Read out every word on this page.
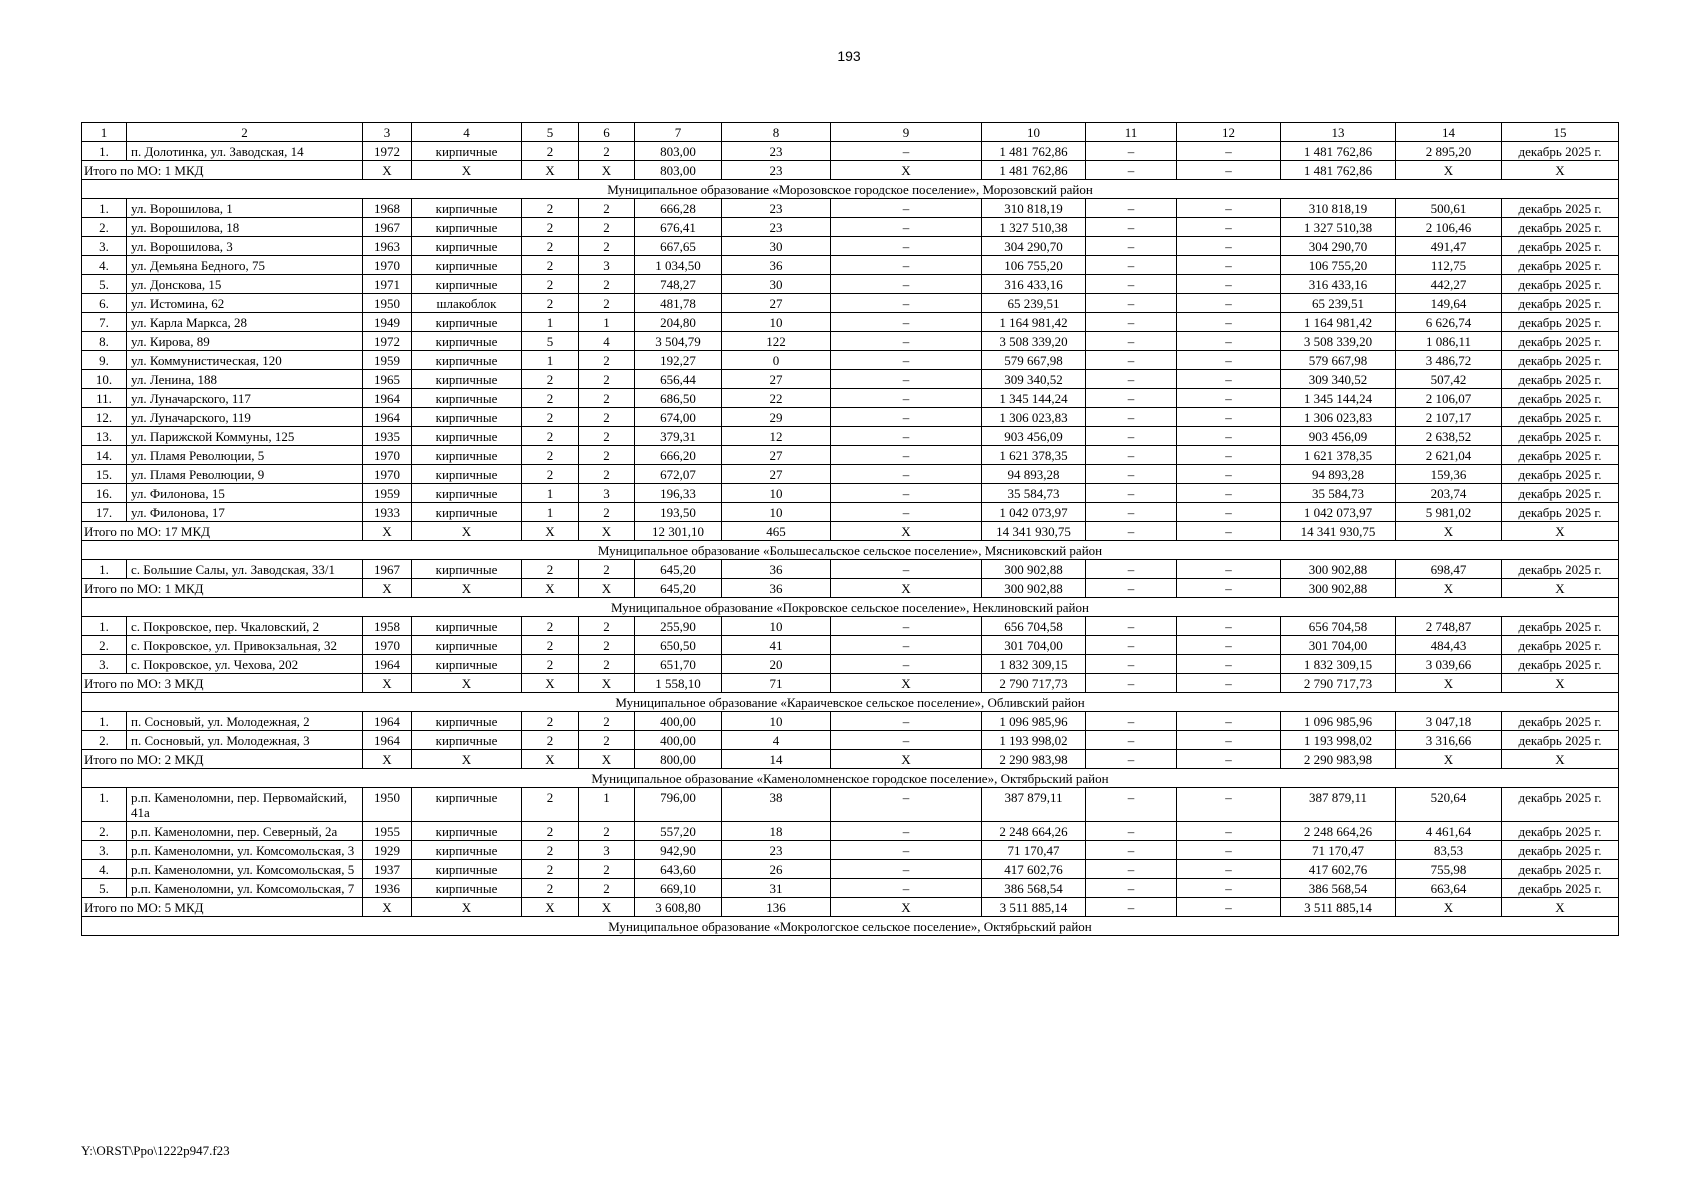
193
1	2	3	4	5	6	7	8	9	10	11	12	13	14	15
1.	п. Долотинка, ул. Заводская, 14	1972	кирпичные	2	2	803,00	23	–	1 481 762,86	–	–	1 481 762,86	2 895,20	декабрь 2025 г.
Итого по МО: 1 МКД		X	X	X	X	803,00	23	X	1 481 762,86	–	–	1 481 762,86	X	X
Муниципальное образование «Морозовское городское поселение», Морозовский район														
1.	ул. Ворошилова, 1	1968	кирпичные	2	2	666,28	23	–	310 818,19	–	–	310 818,19	500,61	декабрь 2025 г.
2.	ул. Ворошилова, 18	1967	кирпичные	2	2	676,41	23	–	1 327 510,38	–	–	1 327 510,38	2 106,46	декабрь 2025 г.
3.	ул. Ворошилова, 3	1963	кирпичные	2	2	667,65	30	–	304 290,70	–	–	304 290,70	491,47	декабрь 2025 г.
4.	ул. Демьяна Бедного, 75	1970	кирпичные	2	3	1 034,50	36	–	106 755,20	–	–	106 755,20	112,75	декабрь 2025 г.
5.	ул. Донскова, 15	1971	кирпичные	2	2	748,27	30	–	316 433,16	–	–	316 433,16	442,27	декабрь 2025 г.
6.	ул. Истомина, 62	1950	шлакоблок	2	2	481,78	27	–	65 239,51	–	–	65 239,51	149,64	декабрь 2025 г.
7.	ул. Карла Маркса, 28	1949	кирпичные	1	1	204,80	10	–	1 164 981,42	–	–	1 164 981,42	6 626,74	декабрь 2025 г.
8.	ул. Кирова, 89	1972	кирпичные	5	4	3 504,79	122	–	3 508 339,20	–	–	3 508 339,20	1 086,11	декабрь 2025 г.
9.	ул. Коммунистическая, 120	1959	кирпичные	1	2	192,27	0	–	579 667,98	–	–	579 667,98	3 486,72	декабрь 2025 г.
10.	ул. Ленина, 188	1965	кирпичные	2	2	656,44	27	–	309 340,52	–	–	309 340,52	507,42	декабрь 2025 г.
11.	ул. Луначарского, 117	1964	кирпичные	2	2	686,50	22	–	1 345 144,24	–	–	1 345 144,24	2 106,07	декабрь 2025 г.
12.	ул. Луначарского, 119	1964	кирпичные	2	2	674,00	29	–	1 306 023,83	–	–	1 306 023,83	2 107,17	декабрь 2025 г.
13.	ул. Парижской Коммуны, 125	1935	кирпичные	2	2	379,31	12	–	903 456,09	–	–	903 456,09	2 638,52	декабрь 2025 г.
14.	ул. Пламя Революции, 5	1970	кирпичные	2	2	666,20	27	–	1 621 378,35	–	–	1 621 378,35	2 621,04	декабрь 2025 г.
15.	ул. Пламя Революции, 9	1970	кирпичные	2	2	672,07	27	–	94 893,28	–	–	94 893,28	159,36	декабрь 2025 г.
16.	ул. Филонова, 15	1959	кирпичные	1	3	196,33	10	–	35 584,73	–	–	35 584,73	203,74	декабрь 2025 г.
17.	ул. Филонова, 17	1933	кирпичные	1	2	193,50	10	–	1 042 073,97	–	–	1 042 073,97	5 981,02	декабрь 2025 г.
Итого по МО: 17 МКД		X	X	X	X	12 301,10	465	X	14 341 930,75	–	–	14 341 930,75	X	X
Муниципальное образование «Большесальское сельское поселение», Мясниковский район														
1.	с. Большие Салы, ул. Заводская, 33/1	1967	кирпичные	2	2	645,20	36	–	300 902,88	–	–	300 902,88	698,47	декабрь 2025 г.
Итого по МО: 1 МКД		X	X	X	X	645,20	36	X	300 902,88	–	–	300 902,88	X	X
Муниципальное образование «Покровское сельское поселение», Неклиновский район														
1.	с. Покровское, пер. Чкаловский, 2	1958	кирпичные	2	2	255,90	10	–	656 704,58	–	–	656 704,58	2 748,87	декабрь 2025 г.
2.	с. Покровское, ул. Привокзальная, 32	1970	кирпичные	2	2	650,50	41	–	301 704,00	–	–	301 704,00	484,43	декабрь 2025 г.
3.	с. Покровское, ул. Чехова, 202	1964	кирпичные	2	2	651,70	20	–	1 832 309,15	–	–	1 832 309,15	3 039,66	декабрь 2025 г.
Итого по МО: 3 МКД		X	X	X	X	1 558,10	71	X	2 790 717,73	–	–	2 790 717,73	X	X
Муниципальное образование «Караичевское сельское поселение», Обливский район														
1.	п. Сосновый, ул. Молодежная, 2	1964	кирпичные	2	2	400,00	10	–	1 096 985,96	–	–	1 096 985,96	3 047,18	декабрь 2025 г.
2.	п. Сосновый, ул. Молодежная, 3	1964	кирпичные	2	2	400,00	4	–	1 193 998,02	–	–	1 193 998,02	3 316,66	декабрь 2025 г.
Итого по МО: 2 МКД		X	X	X	X	800,00	14	X	2 290 983,98	–	–	2 290 983,98	X	X
Муниципальное образование «Каменоломненское городское поселение», Октябрьский район														
1.	р.п. Каменоломни, пер. Первомайский, 41а	1950	кирпичные	2	1	796,00	38	–	387 879,11	–	–	387 879,11	520,64	декабрь 2025 г.
2.	р.п. Каменоломни, пер. Северный, 2а	1955	кирпичные	2	2	557,20	18	–	2 248 664,26	–	–	2 248 664,26	4 461,64	декабрь 2025 г.
3.	р.п. Каменоломни, ул. Комсомольская, 3	1929	кирпичные	2	3	942,90	23	–	71 170,47	–	–	71 170,47	83,53	декабрь 2025 г.
4.	р.п. Каменоломни, ул. Комсомольская, 5	1937	кирпичные	2	2	643,60	26	–	417 602,76	–	–	417 602,76	755,98	декабрь 2025 г.
5.	р.п. Каменоломни, ул. Комсомольская, 7	1936	кирпичные	2	2	669,10	31	–	386 568,54	–	–	386 568,54	663,64	декабрь 2025 г.
Итого по МО: 5 МКД		X	X	X	X	3 608,80	136	X	3 511 885,14	–	–	3 511 885,14	X	X
Муниципальное образование «Мокрологское сельское поселение», Октябрьский район														
Y:\ORST\Ppo\1222p947.f23
